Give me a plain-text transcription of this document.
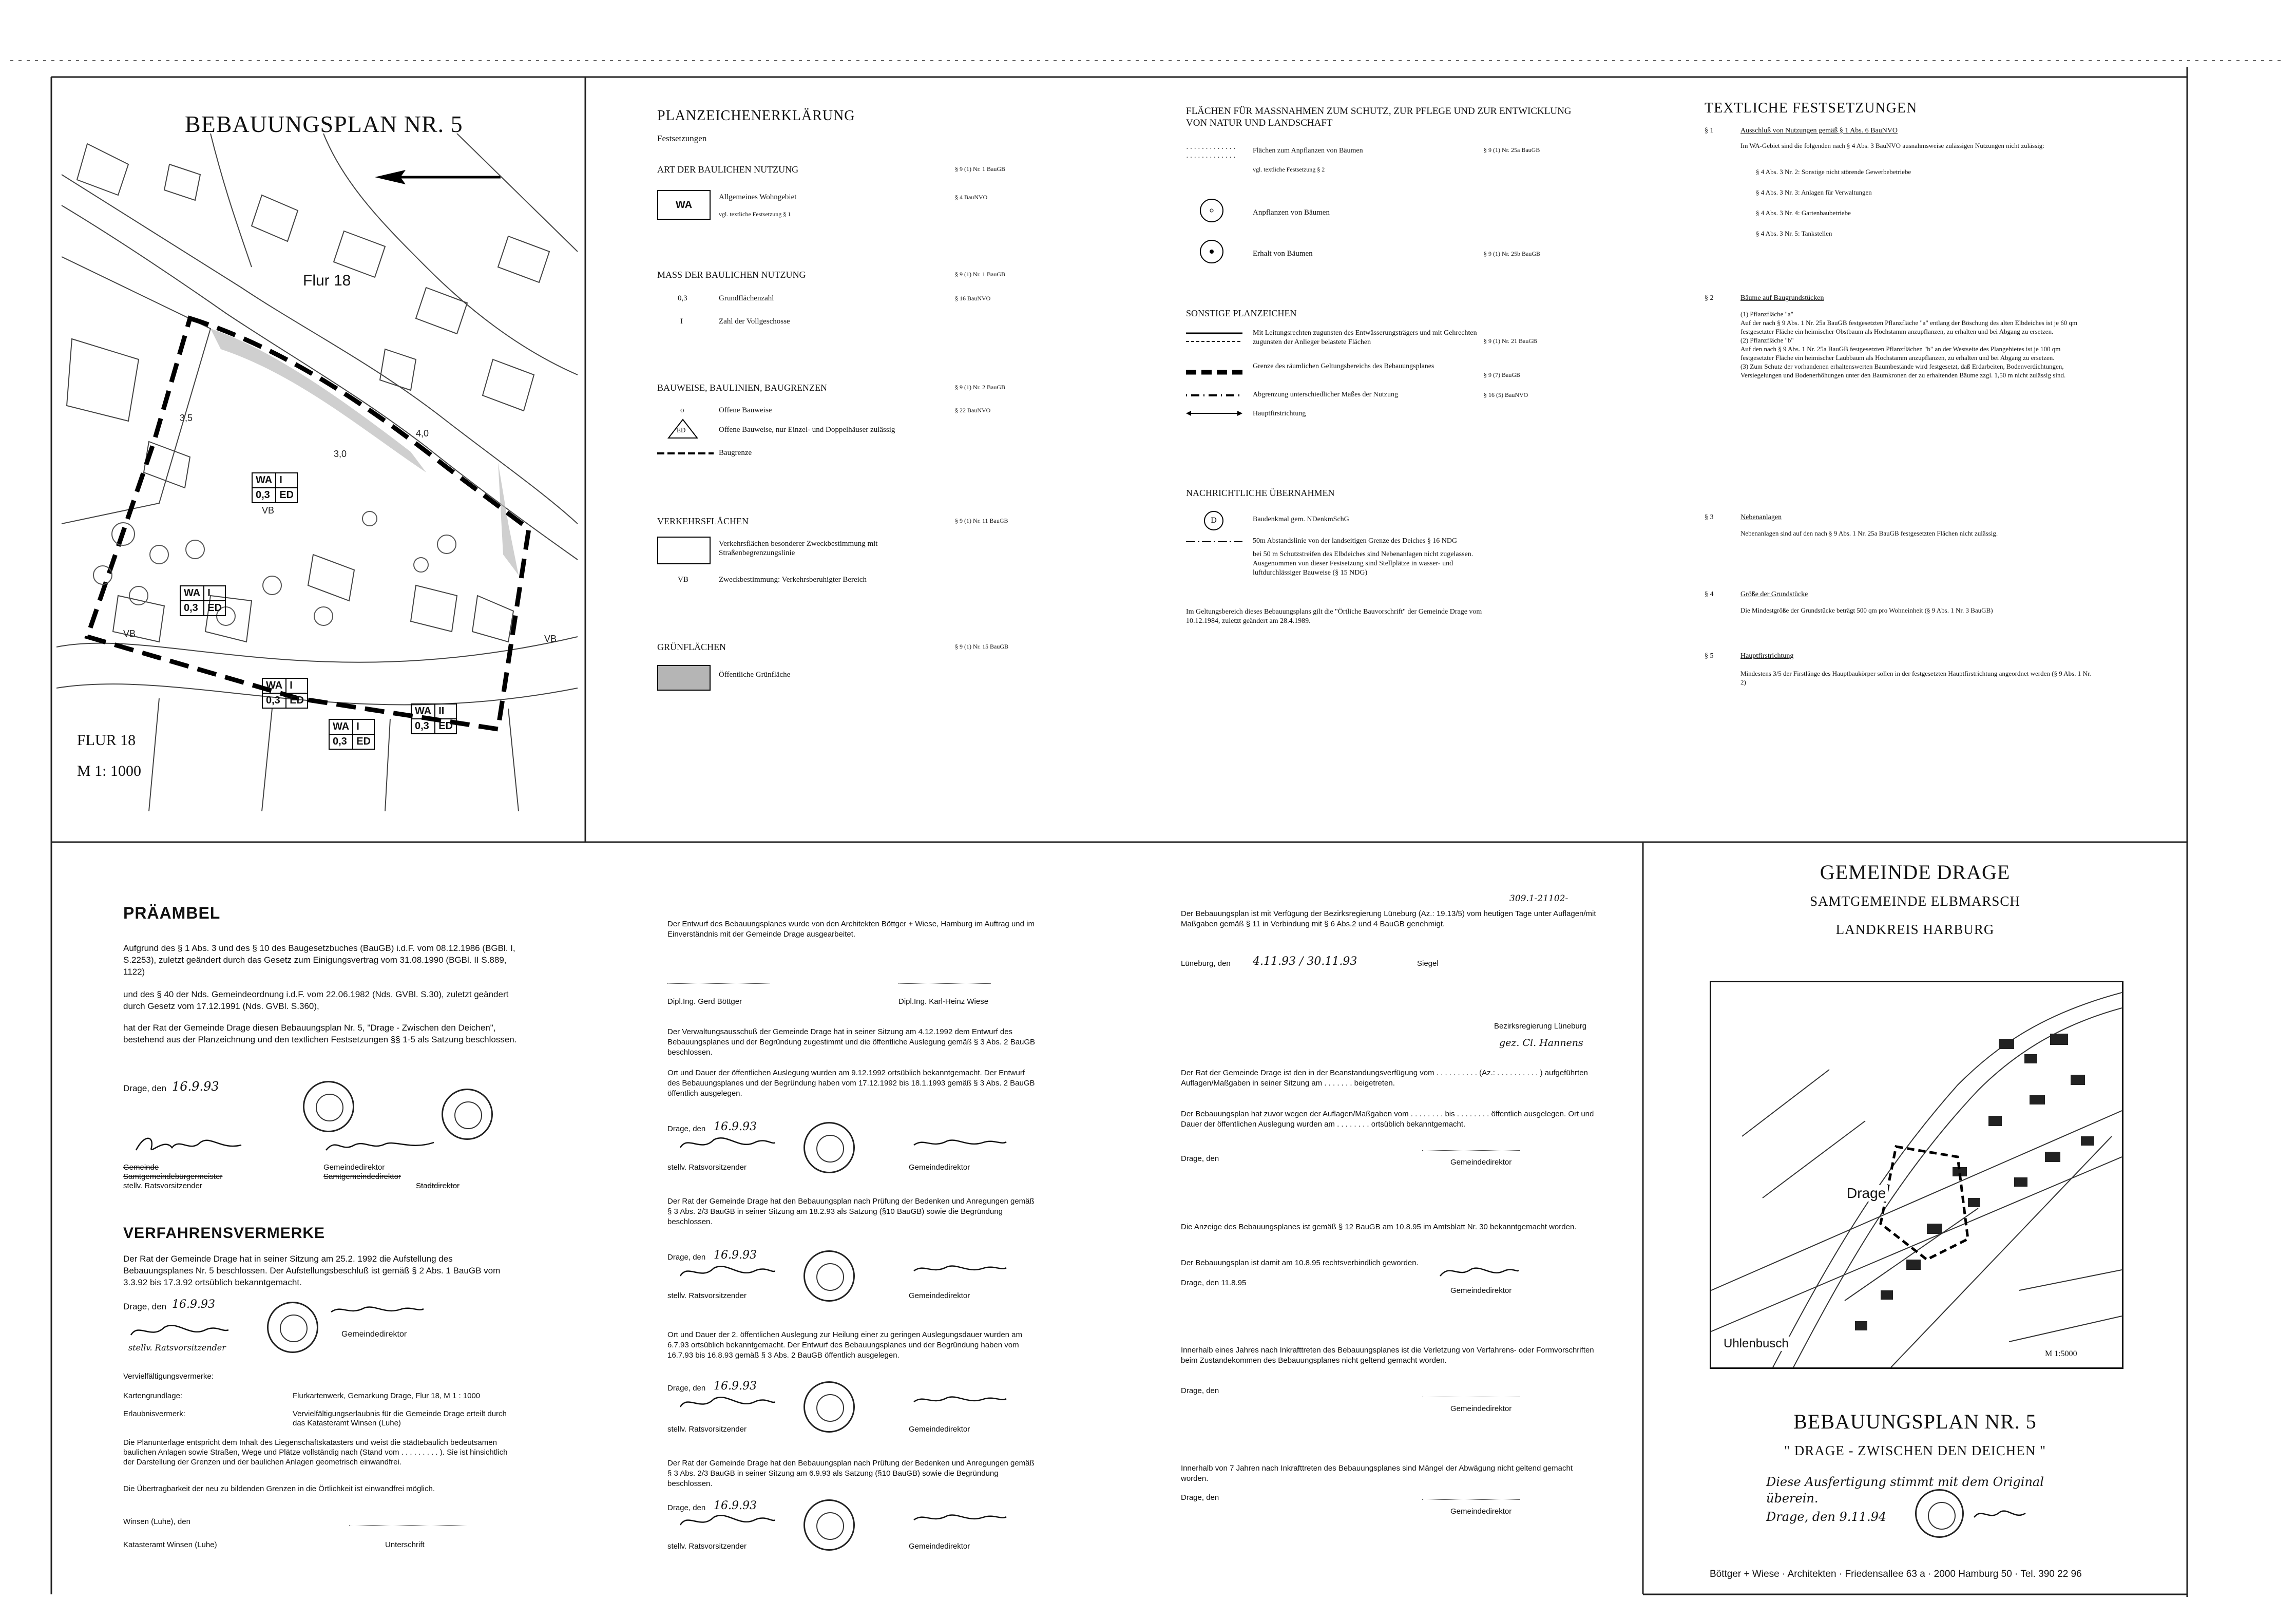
BEBAUUNGSPLAN NR. 5
4,0
3,0
3,5
VB
VB	VB
Flur 18
WA	I
0,3	ED
WA	I
0,3	ED
WA	I
0,3	ED
WA	I
0,3	ED
WA	II
0,3	ED
FLUR 18
M 1: 1000
PLANZEICHENERKLÄRUNG
Festsetzungen
ART DER BAULICHEN NUTZUNG	§ 9 (1) Nr. 1 BauGB
WA
Allgemeines Wohngebiet	§ 4 BauNVO
vgl. textliche Festsetzung § 1
MASS DER BAULICHEN NUTZUNG	§ 9 (1) Nr. 1 BauGB
0,3	Grundflächenzahl	§ 16 BauNVO
I	Zahl der Vollgeschosse
BAUWEISE, BAULINIEN, BAUGRENZEN	§ 9 (1) Nr. 2 BauGB
o	Offene Bauweise	§ 22 BauNVO
ED	Offene Bauweise, nur Einzel- und Doppelhäuser zulässig
Baugrenze
VERKEHRSFLÄCHEN	§ 9 (1) Nr. 11 BauGB
Verkehrsflächen besonderer Zweckbestimmung mit Straßenbegrenzungslinie
VB	Zweckbestimmung: Verkehrsberuhigter Bereich
GRÜNFLÄCHEN	§ 9 (1) Nr. 15 BauGB
Öffentliche Grünfläche
FLÄCHEN FÜR MASSNAHMEN ZUM SCHUTZ, ZUR PFLEGE UND ZUR ENTWICKLUNG VON NATUR UND LANDSCHAFT
·············
·············
Flächen zum Anpflanzen von Bäumen	§ 9 (1) Nr. 25a BauGB
vgl. textliche Festsetzung § 2
Anpflanzen von Bäumen
Erhalt von Bäumen	§ 9 (1) Nr. 25b BauGB
SONSTIGE PLANZEICHEN
Mit Leitungsrechten zugunsten des Entwässerungsträgers und mit Gehrechten zugunsten der Anlieger belastete Flächen	§ 9 (1) Nr. 21 BauGB
Grenze des räumlichen Geltungsbereichs des Bebauungsplanes
§ 9 (7) BauGB
Abgrenzung unterschiedlicher Maßes der Nutzung	§ 16 (5) BauNVO
Hauptfirstrichtung
NACHRICHTLICHE ÜBERNAHMEN
D	Baudenkmal gem. NDenkmSchG
50m Abstandslinie von der landseitigen Grenze des Deiches § 16 NDG
bei 50 m Schutzstreifen des Elbdeiches sind Nebenanlagen nicht zugelassen. Ausgenommen von dieser Festsetzung sind Stellplätze in wasser- und luftdurchlässiger Bauweise (§ 15 NDG)
Im Geltungsbereich dieses Bebauungsplans gilt die "Örtliche Bauvorschrift" der Gemeinde Drage vom 10.12.1984, zuletzt geändert am 28.4.1989.
TEXTLICHE FESTSETZUNGEN
§ 1	Ausschluß von Nutzungen gemäß § 1 Abs. 6 BauNVO
Im WA-Gebiet sind die folgenden nach § 4 Abs. 3 BauNVO ausnahmsweise zulässigen Nutzungen nicht zulässig:
§ 4 Abs. 3 Nr. 2: Sonstige nicht störende Gewerbebetriebe
§ 4 Abs. 3 Nr. 3: Anlagen für Verwaltungen
§ 4 Abs. 3 Nr. 4: Gartenbaubetriebe
§ 4 Abs. 3 Nr. 5: Tankstellen
§ 2	Bäume auf Baugrundstücken
(1) Pflanzfläche "a"
Auf der nach § 9 Abs. 1 Nr. 25a BauGB festgesetzten Pflanzfläche "a" entlang der Böschung des alten Elbdeiches ist je 60 qm festgesetzter Fläche ein heimischer Obstbaum als Hochstamm anzupflanzen, zu erhalten und bei Abgang zu ersetzen.
(2) Pflanzfläche "b"
Auf den nach § 9 Abs. 1 Nr. 25a BauGB festgesetzten Pflanzflächen "b" an der Westseite des Plangebietes ist je 100 qm festgesetzter Fläche ein heimischer Laubbaum als Hochstamm anzupflanzen, zu erhalten und bei Abgang zu ersetzen.
(3) Zum Schutz der vorhandenen erhaltenswerten Baumbestände wird festgesetzt, daß Erdarbeiten, Bodenverdichtungen, Versiegelungen und Bodenerhöhungen unter den Baumkronen der zu erhaltenden Bäume zzgl. 1,50 m nicht zulässig sind.
§ 3	Nebenanlagen
Nebenanlagen sind auf den nach § 9 Abs. 1 Nr. 25a BauGB festgesetzten Flächen nicht zulässig.
§ 4	Größe der Grundstücke
Die Mindestgröße der Grundstücke beträgt 500 qm pro Wohneinheit (§ 9 Abs. 1 Nr. 3 BauGB)
§ 5	Hauptfirstrichtung
Mindestens 3/5 der Firstlänge des Hauptbaukörper sollen in der festgesetzten Hauptfirstrichtung angeordnet werden (§ 9 Abs. 1 Nr. 2)
PRÄAMBEL

Aufgrund des § 1 Abs. 3 und des § 10 des Baugesetzbuches (BauGB) i.d.F. vom 08.12.1986 (BGBl. I, S.2253), zuletzt geändert durch das Gesetz zum Einigungsvertrag vom 31.08.1990 (BGBl. II S.889, 1122)

und des § 40 der Nds. Gemeindeordnung i.d.F. vom 22.06.1982 (Nds. GVBl. S.30), zuletzt geändert durch Gesetz vom 17.12.1991 (Nds. GVBl. S.360),

hat der Rat der Gemeinde Drage diesen Bebauungsplan Nr. 5, "Drage - Zwischen den Deichen", bestehend aus der Planzeichnung und den textlichen Festsetzungen §§ 1-5 als Satzung beschlossen.

Drage, den 16.9.93
Gemeinde
Samtgemeindebürgermeister
stellv. Ratsvorsitzender
Gemeindedirektor
Samtgemeindedirektor
Stadtdirektor
VERFAHRENSVERMERKE

Der Rat der Gemeinde Drage hat in seiner Sitzung am 25.2. 1992 die Aufstellung des Bebauungsplanes Nr. 5 beschlossen. Der Aufstellungsbeschluß ist gemäß § 2 Abs. 1 BauGB vom 3.3.92 bis 17.3.92 ortsüblich bekanntgemacht.

Drage, den 16.9.93
stellv. Ratsvorsitzender
Gemeindedirektor
Vervielfältigungsvermerke:
Kartengrundlage:	Flurkartenwerk, Gemarkung Drage, Flur 18, M 1 : 1000
Erlaubnisvermerk:	Vervielfältigungserlaubnis für die Gemeinde Drage erteilt durch das Katasteramt Winsen (Luhe)

Die Planunterlage entspricht dem Inhalt des Liegenschaftskatasters und weist die städtebaulich bedeutsamen baulichen Anlagen sowie Straßen, Wege und Plätze vollständig nach (Stand vom . . . . . . . . . ). Sie ist hinsichtlich der Darstellung der Grenzen und der baulichen Anlagen geometrisch einwandfrei.

Die Übertragbarkeit der neu zu bildenden Grenzen in die Örtlichkeit ist einwandfrei möglich.

Winsen (Luhe), den
Katasteramt Winsen (Luhe)	Unterschrift

Der Entwurf des Bebauungsplanes wurde von den Architekten Böttger + Wiese, Hamburg im Auftrag und im Einverständnis mit der Gemeinde Drage ausgearbeitet.

Dipl.Ing. Gerd Böttger	Dipl.Ing. Karl-Heinz Wiese

Der Verwaltungsausschuß der Gemeinde Drage hat in seiner Sitzung am 4.12.1992 dem Entwurf des Bebauungsplanes und der Begründung zugestimmt und die öffentliche Auslegung gemäß § 3 Abs. 2 BauGB beschlossen.

Ort und Dauer der öffentlichen Auslegung wurden am 9.12.1992 ortsüblich bekanntgemacht. Der Entwurf des Bebauungsplanes und der Begründung haben vom 17.12.1992 bis 18.1.1993 gemäß § 3 Abs. 2 BauGB öffentlich ausgelegen.

Drage, den 16.9.93
stellv. Ratsvorsitzender	Gemeindedirektor

Der Rat der Gemeinde Drage hat den Bebauungsplan nach Prüfung der Bedenken und Anregungen gemäß § 3 Abs. 2/3 BauGB in seiner Sitzung am 18.2.93 als Satzung (§10 BauGB) sowie die Begründung beschlossen.

Drage, den 16.9.93
stellv. Ratsvorsitzender	Gemeindedirektor

Ort und Dauer der 2. öffentlichen Auslegung zur Heilung einer zu geringen Auslegungsdauer wurden am 6.7.93 ortsüblich bekanntgemacht. Der Entwurf des Bebauungsplanes und der Begründung haben vom 16.7.93 bis 16.8.93 gemäß § 3 Abs. 2 BauGB öffentlich ausgelegen.

Drage, den 16.9.93
stellv. Ratsvorsitzender	Gemeindedirektor

Der Rat der Gemeinde Drage hat den Bebauungsplan nach Prüfung der Bedenken und Anregungen gemäß § 3 Abs. 2/3 BauGB in seiner Sitzung am 6.9.93 als Satzung (§10 BauGB) sowie die Begründung beschlossen.

Drage, den 16.9.93
stellv. Ratsvorsitzender	Gemeindedirektor
309.1-21102-

Der Bebauungsplan ist mit Verfügung der Bezirksregierung Lüneburg (Az.: 19.13/5) vom heutigen Tage unter Auflagen/mit Maßgaben gemäß § 11 in Verbindung mit § 6 Abs.2 und 4 BauGB genehmigt.

Lüneburg, den 4.11.93 / 30.11.93	Siegel
Bezirksregierung Lüneburg
gez. Cl. Hannens

Der Rat der Gemeinde Drage ist den in der Beanstandungsverfügung vom . . . . . . . . . . (Az.: . . . . . . . . . . ) aufgeführten Auflagen/Maßgaben in seiner Sitzung am . . . . . . . beigetreten.

Der Bebauungsplan hat zuvor wegen der Auflagen/Maßgaben vom . . . . . . . . bis . . . . . . . . öffentlich ausgelegen. Ort und Dauer der öffentlichen Auslegung wurden am . . . . . . . . ortsüblich bekanntgemacht.

Drage, den	Gemeindedirektor

Die Anzeige des Bebauungsplanes ist gemäß § 12 BauGB am 10.8.95 im Amtsblatt Nr. 30 bekanntgemacht worden.

Der Bebauungsplan ist damit am 10.8.95 rechtsverbindlich geworden.

Drage, den 11.8.95
Gemeindedirektor

Innerhalb eines Jahres nach Inkrafttreten des Bebauungsplanes ist die Verletzung von Verfahrens- oder Formvorschriften beim Zustandekommen des Bebauungsplanes nicht geltend gemacht worden.

Drage, den
Gemeindedirektor

Innerhalb von 7 Jahren nach Inkrafttreten des Bebauungsplanes sind Mängel der Abwägung nicht geltend gemacht worden.

Drage, den
Gemeindedirektor
GEMEINDE DRAGE
SAMTGEMEINDE ELBMARSCH
LANDKREIS HARBURG
Drage
Uhlenbusch
M 1:5000
BEBAUUNGSPLAN NR. 5
" DRAGE - ZWISCHEN DEN DEICHEN "
Diese Ausfertigung stimmt mit dem Original überein.
Drage, den 9.11.94
Böttger + Wiese · Architekten · Friedensallee 63 a · 2000 Hamburg 50 · Tel. 390 22 96
